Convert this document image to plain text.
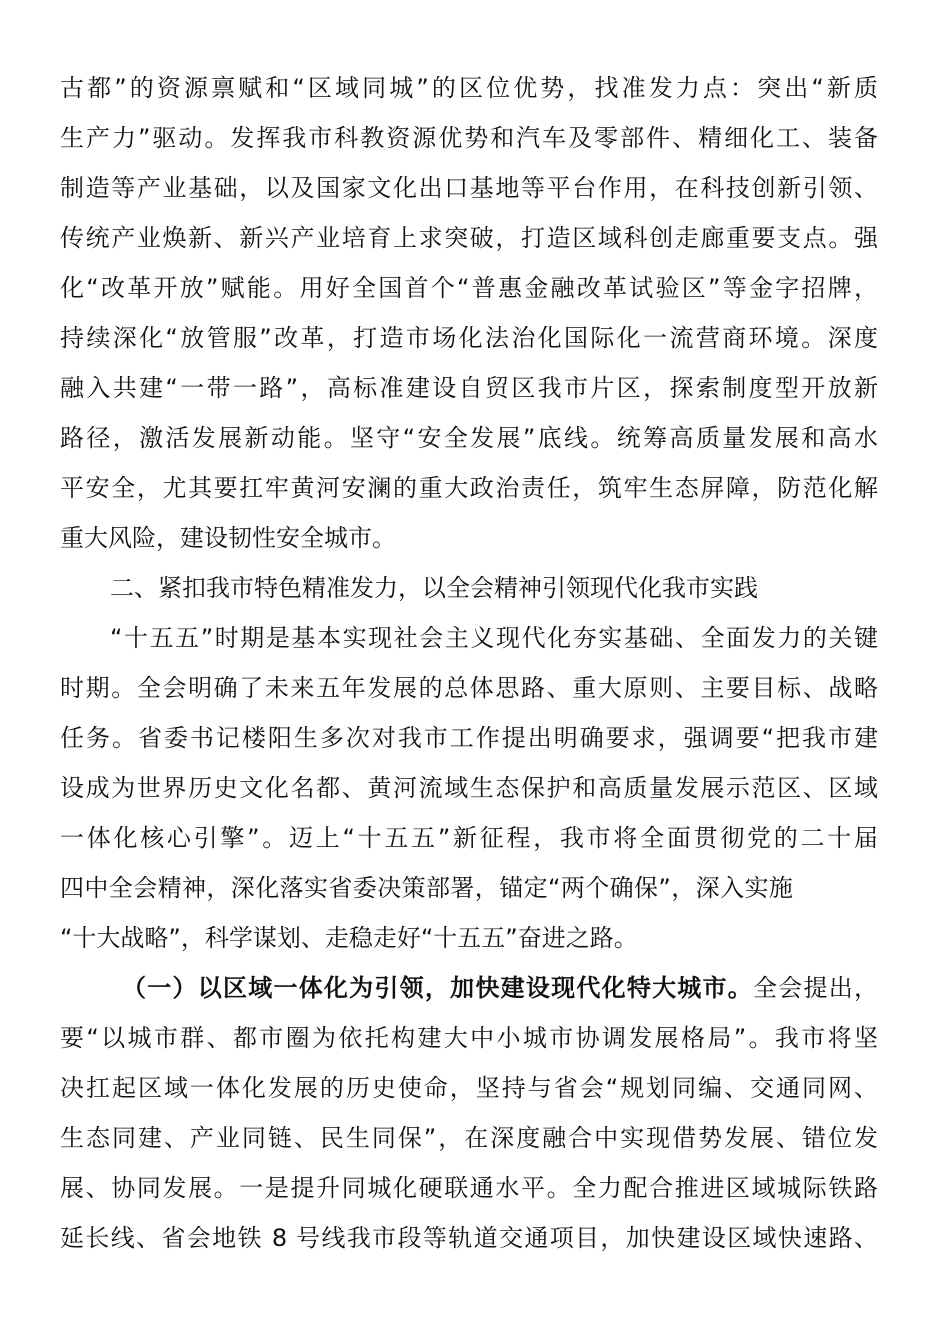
古都”的资源禀赋和“区域同城”的区位优势，找准发力点：突出“新质
生产力”驱动。发挥我市科教资源优势和汽车及零部件、精细化工、装备
制造等产业基础，以及国家文化出口基地等平台作用，在科技创新引领、
传统产业焕新、新兴产业培育上求突破，打造区域科创走廊重要支点。强
化“改革开放”赋能。用好全国首个“普惠金融改革试验区”等金字招牌，
持续深化“放管服”改革，打造市场化法治化国际化一流营商环境。深度
融入共建“一带一路”，高标准建设自贸区我市片区，探索制度型开放新
路径，激活发展新动能。坚守“安全发展”底线。统筹高质量发展和高水
平安全，尤其要扛牢黄河安澜的重大政治责任，筑牢生态屏障，防范化解
重大风险，建设韧性安全城市。
二、紧扣我市特色精准发力，以全会精神引领现代化我市实践
“十五五”时期是基本实现社会主义现代化夯实基础、全面发力的关键
时期。全会明确了未来五年发展的总体思路、重大原则、主要目标、战略
任务。省委书记楼阳生多次对我市工作提出明确要求，强调要“把我市建
设成为世界历史文化名都、黄河流域生态保护和高质量发展示范区、区域
一体化核心引擎”。迈上“十五五”新征程，我市将全面贯彻党的二十届
四中全会精神，深化落实省委决策部署，锚定“两个确保”，深入实施
“十大战略”，科学谋划、走稳走好“十五五”奋进之路。
（一）以区域一体化为引领，加快建设现代化特大城市。全会提出，
要“以城市群、都市圈为依托构建大中小城市协调发展格局”。我市将坚
决扛起区域一体化发展的历史使命，坚持与省会“规划同编、交通同网、
生态同建、产业同链、民生同保”，在深度融合中实现借势发展、错位发
展、协同发展。一是提升同城化硬联通水平。全力配合推进区域城际铁路
延长线、省会地铁 8 号线我市段等轨道交通项目，加快建设区域快速路、
